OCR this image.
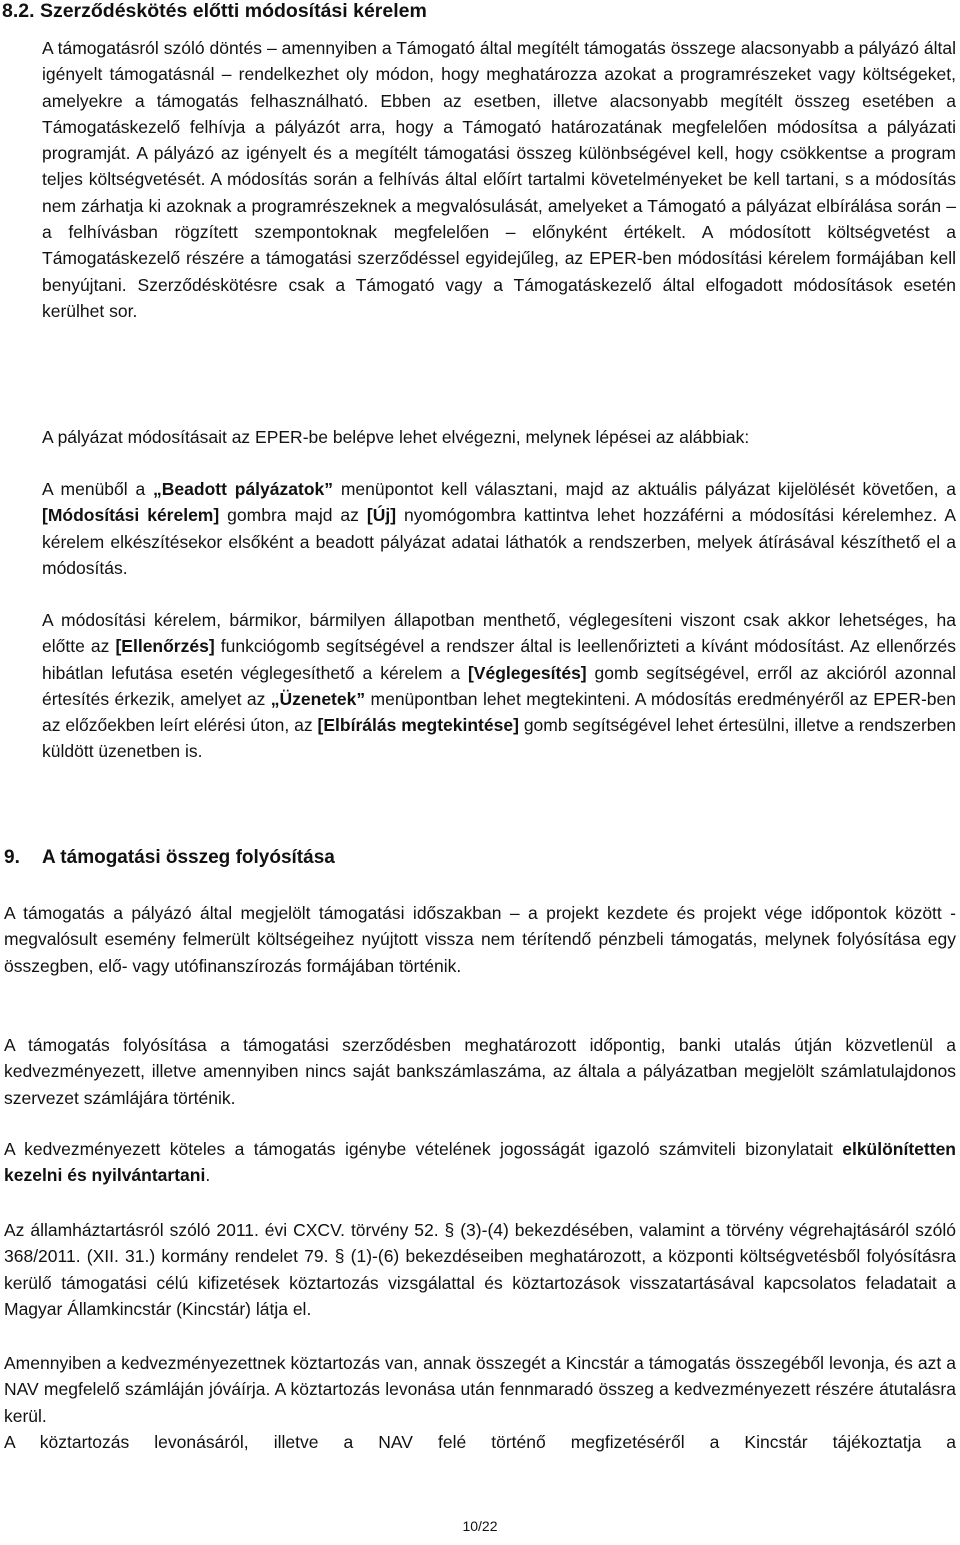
8.2. Szerződéskötés előtti módosítási kérelem

A támogatásról szóló döntés – amennyiben a Támogató által megítélt támogatás összege alacsonyabb a pályázó által igényelt támogatásnál – rendelkezhet oly módon, hogy meghatározza azokat a programrészeket vagy költségeket, amelyekre a támogatás felhasználható. Ebben az esetben, illetve alacsonyabb megítélt összeg esetében a Támogatáskezelő felhívja a pályázót arra, hogy a Támogató határozatának megfelelően módosítsa a pályázati programját. A pályázó az igényelt és a megítélt támogatási összeg különbségével kell, hogy csökkentse a program teljes költségvetését. A módosítás során a felhívás által előírt tartalmi követelményeket be kell tartani, s a módosítás nem zárhatja ki azoknak a programrészeknek a megvalósulását, amelyeket a Támogató a pályázat elbírálása során – a felhívásban rögzített szempontoknak megfelelően – előnyként értékelt. A módosított költségvetést a Támogatáskezelő részére a támogatási szerződéssel egyidejűleg, az EPER-ben módosítási kérelem formájában kell benyújtani. Szerződéskötésre csak a Támogató vagy a Támogatáskezelő által elfogadott módosítások esetén kerülhet sor.

A pályázat módosításait az EPER-be belépve lehet elvégezni, melynek lépései az alábbiak:

A menüből a „Beadott pályázatok” menüpontot kell választani, majd az aktuális pályázat kijelölését követően, a [Módosítási kérelem] gombra majd az [Új] nyomógombra kattintva lehet hozzáférni a módosítási kérelemhez. A kérelem elkészítésekor elsőként a beadott pályázat adatai láthatók a rendszerben, melyek átírásával készíthető el a módosítás.

A módosítási kérelem, bármikor, bármilyen állapotban menthető, véglegesíteni viszont csak akkor lehetséges, ha előtte az [Ellenőrzés] funkciógomb segítségével a rendszer által is leellenőrizteti a kívánt módosítást. Az ellenőrzés hibátlan lefutása esetén véglegesíthető a kérelem a [Véglegesítés] gomb segítségével, erről az akcióról azonnal értesítés érkezik, amelyet az „Üzenetek” menüpontban lehet megtekinteni. A módosítás eredményéről az EPER-ben az előzőekben leírt elérési úton, az [Elbírálás megtekintése] gomb segítségével lehet értesülni, illetve a rendszerben küldött üzenetben is.

9. A támogatási összeg folyósítása

A támogatás a pályázó által megjelölt támogatási időszakban – a projekt kezdete és projekt vége időpontok között - megvalósult esemény felmerült költségeihez nyújtott vissza nem térítendő pénzbeli támogatás, melynek folyósítása egy összegben, elő- vagy utófinanszírozás formájában történik.

A támogatás folyósítása a támogatási szerződésben meghatározott időpontig, banki utalás útján közvetlenül a kedvezményezett, illetve amennyiben nincs saját bankszámlaszáma, az általa a pályázatban megjelölt számlatulajdonos szervezet számlájára történik.

A kedvezményezett köteles a támogatás igénybe vételének jogosságát igazoló számviteli bizonylatait elkülönítetten kezelni és nyilvántartani.

Az államháztartásról szóló 2011. évi CXCV. törvény 52. § (3)-(4) bekezdésében, valamint a törvény végrehajtásáról szóló 368/2011. (XII. 31.) kormány rendelet 79. § (1)-(6) bekezdéseiben meghatározott, a központi költségvetésből folyósításra kerülő támogatási célú kifizetések köztartozás vizsgálattal és köztartozások visszatartásával kapcsolatos feladatait a Magyar Államkincstár (Kincstár) látja el.

Amennyiben a kedvezményezettnek köztartozás van, annak összegét a Kincstár a támogatás összegéből levonja, és azt a NAV megfelelő számláján jóváírja. A köztartozás levonása után fennmaradó összeg a kedvezményezett részére átutalásra kerül.

A köztartozás levonásáról, illetve a NAV felé történő megfizetéséről a Kincstár tájékoztatja a

10/22
